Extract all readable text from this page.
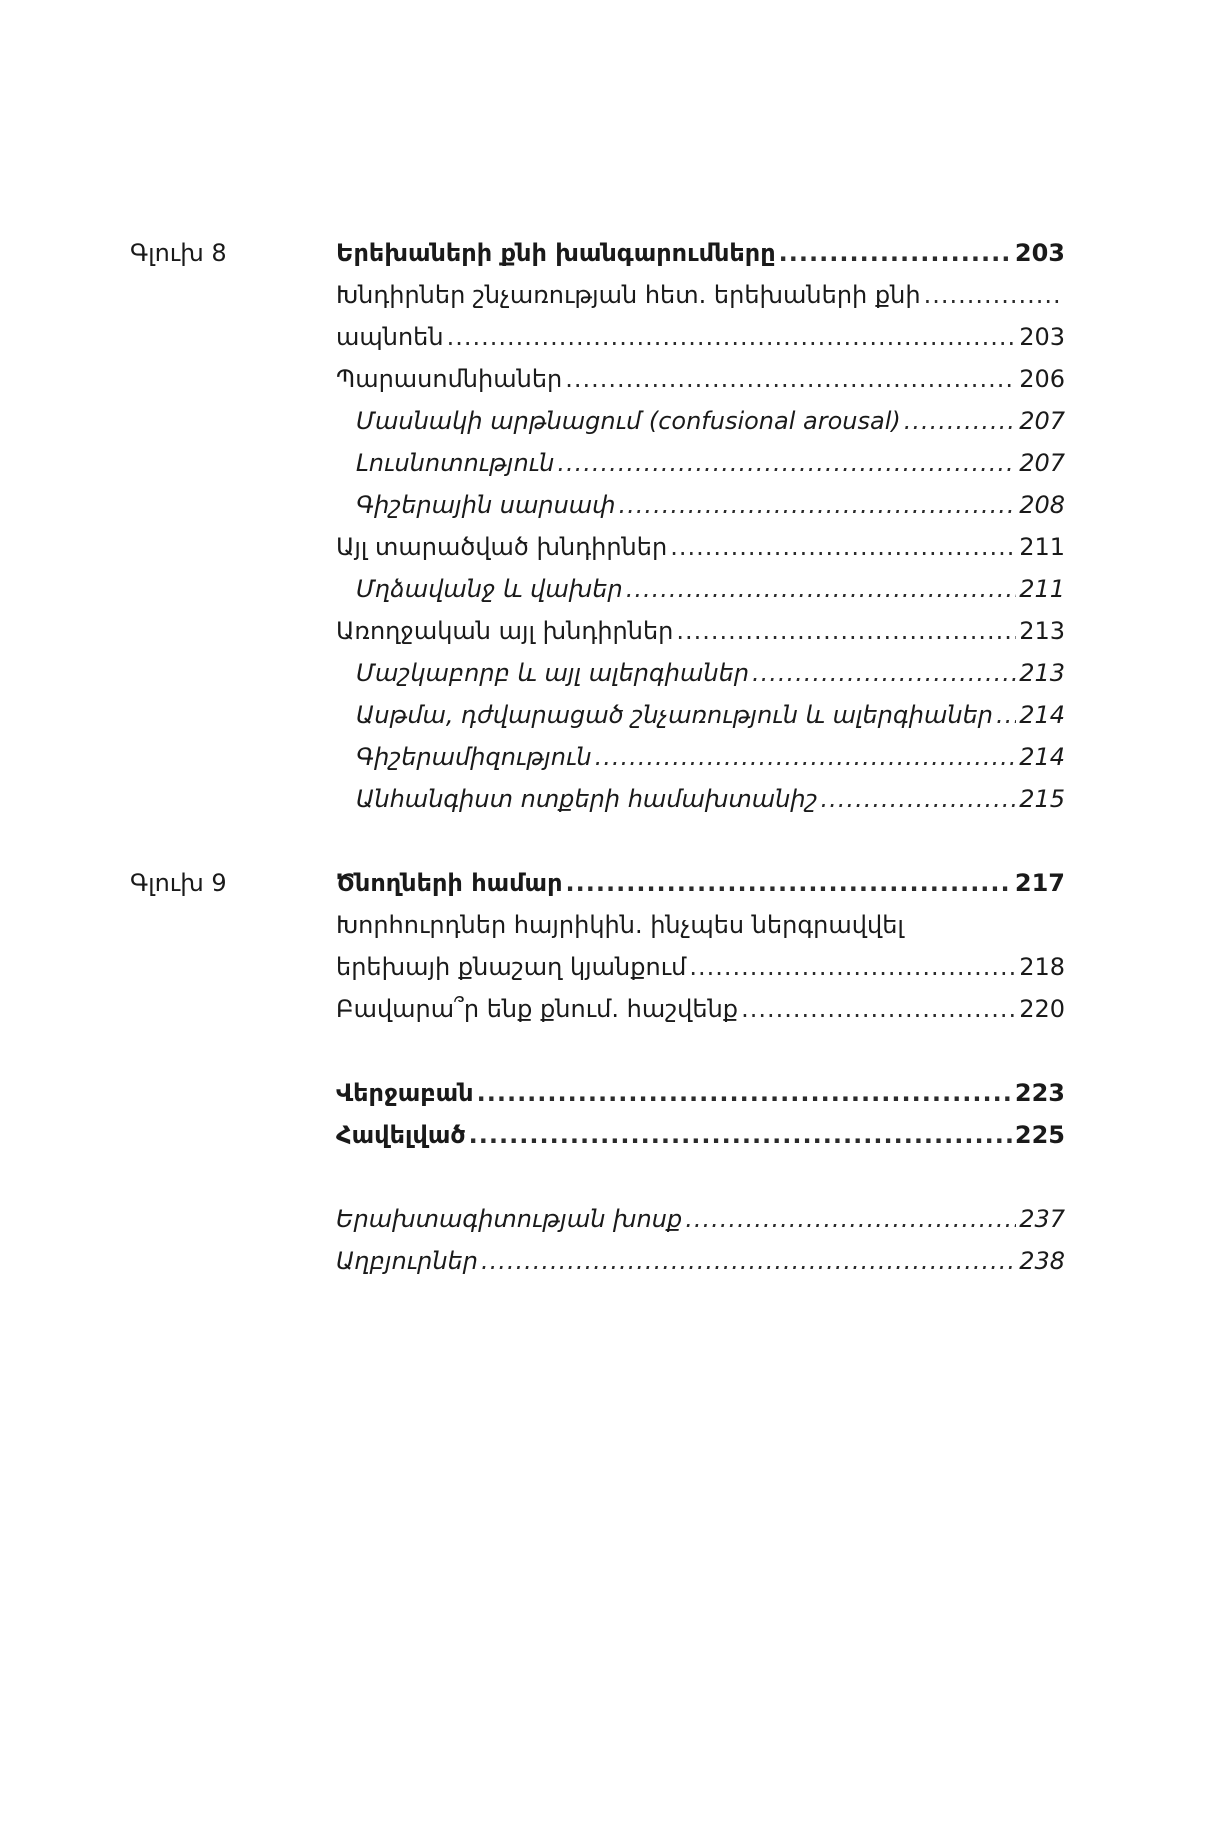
Գլուխ 8	Երեխաների քնի խանգարումները .....	203
Խնդիրներ շնչառության հետ. երեխաների քնի
.....
ապնոեն .....	203
Պարասոմնիաներ .....	206
Մասնակի արթնացում (confusional arousal) .....	207
Լուսնոտություն .....	207
Գիշերային սարսափ .....	208
Այլ տարածված խնդիրներ .....	211
Մղձավանջ և վախեր .....	211
Առողջական այլ խնդիրներ .....	213
Մաշկաբորբ և այլ ալերգիաներ .....	213
Ասթմա, դժվարացած շնչառություն և ալերգիաներ ..... 214
Գիշերամիզություն .....	214
Անհանգիստ ոտքերի համախտանիշ .....	215
Գլուխ 9	Ծնողների համար .....	217
Խորհուրդներ հայրիկին. ինչպես ներգրավվել
երեխայի քնաշաղ կյանքում .....	218
Բավարա՞ր ենք քնում. հաշվենք .....	220
Վերջաբան .....	223
Հավելված .....	225
Երախտագիտության խոսք .....	237
Աղբյուրներ .....	238
